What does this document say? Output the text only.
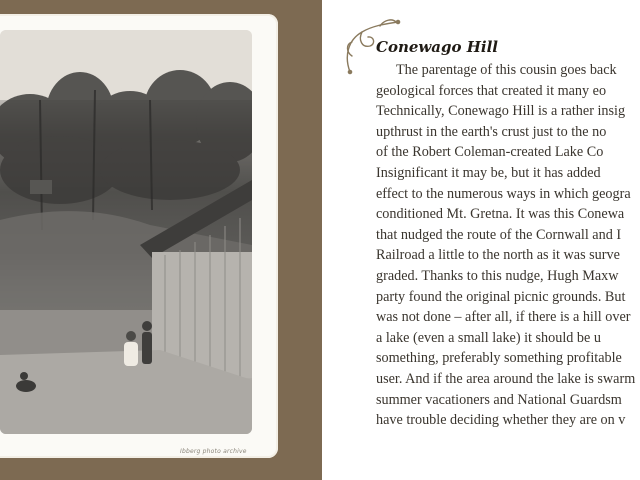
Ibberg photo archive
Conewago Hill
The parentage of this cousin goes back
geological forces that created it many eo
Technically, Conewago Hill is a rather insig
upthrust in the earth's crust just to the no
of the Robert Coleman-created Lake Co
Insignificant it may be, but it has added
effect to the numerous ways in which geogra
conditioned Mt. Gretna. It was this Conewa
that nudged the route of the Cornwall and I
Railroad a little to the north as it was surve
graded. Thanks to this nudge, Hugh Maxw
party found the original picnic grounds. But
was not done – after all, if there is a hill over
a lake (even a small lake) it should be u
something, preferably something profitable
user. And if the area around the lake is swarm
summer vacationers and National Guardsm
have trouble deciding whether they are on v
